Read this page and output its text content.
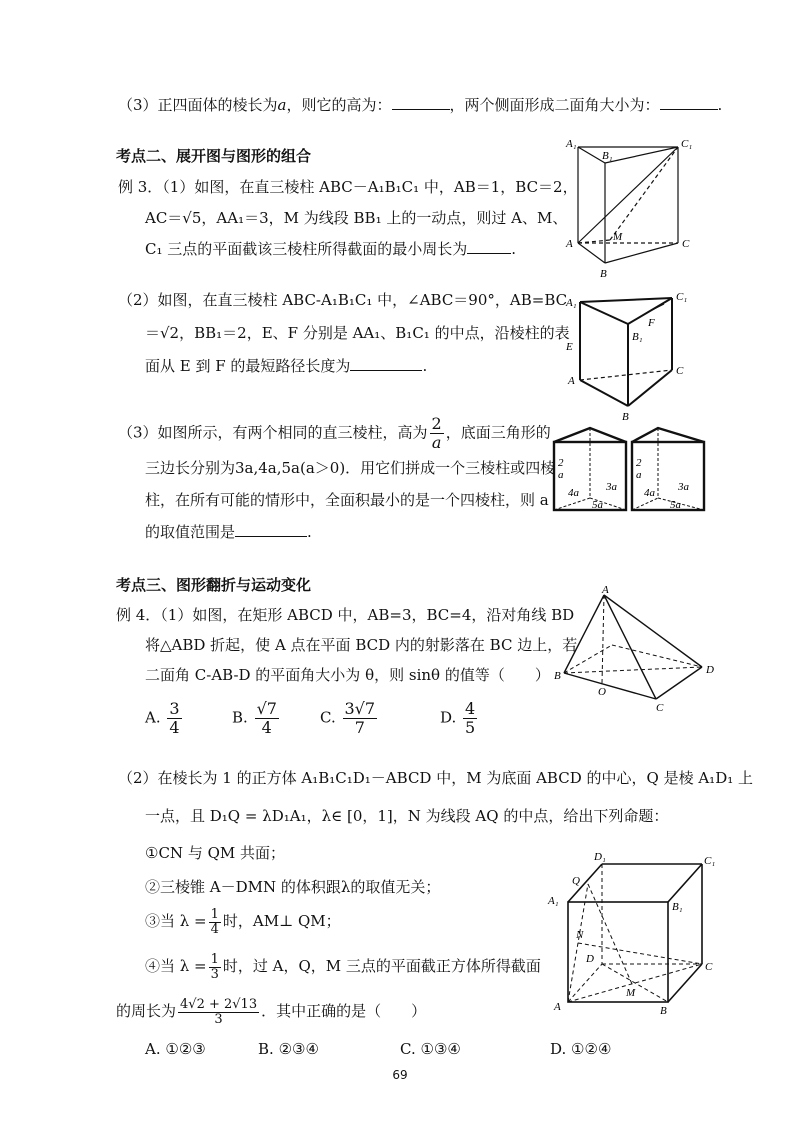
（3）正四面体的棱长为a，则它的高为：	，两个侧面形成二面角大小为：	.
考点二、展开图与图形的组合
例 3．（1）如图，在直三棱柱 ABC－A₁B₁C₁ 中，AB＝1，BC＝2，
AC＝√5，AA₁＝3，M 为线段 BB₁ 上的一动点，则过 A、M、
C₁ 三点的平面截该三棱柱所得截面的最小周长为	.
（2）如图，在直三棱柱 ABC-A₁B₁C₁ 中，∠ABC＝90°，AB=BC
＝√2，BB₁＝2，E、F 分别是 AA₁、B₁C₁ 的中点，沿棱柱的表
面从 E 到 F 的最短路径长度为	.
（3）如图所示，有两个相同的直三棱柱，高为 $\frac{2}{a}$ ，底面三角形的
三边长分别为3a,4a,5a(a＞0)．用它们拼成一个三棱柱或四棱
柱，在所有可能的情形中，全面积最小的是一个四棱柱，则 a
的取值范围是	.
考点三、图形翻折与运动变化
例 4．（1）如图，在矩形 ABCD 中，AB=3，BC=4，沿对角线 BD
将△ABD 折起，使 A 点在平面 BCD 内的射影落在 BC 边上，若
二面角 C-AB-D 的平面角大小为 θ，则 sinθ 的值等（　　）
A. $\frac{3}{4}$	B. $\frac{√7}{4}$	C. $\frac{3√7}{7}$	D. $\frac{4}{5}$
（2）在棱长为 1 的正方体 A₁B₁C₁D₁－ABCD 中，M 为底面 ABCD 的中心，Q 是棱 A₁D₁ 上
一点，且 D₁Q = λD₁A₁，λ∈ [0，1]，N 为线段 AQ 的中点，给出下列命题：
①CN 与 QM 共面；
②三棱锥 A－DMN 的体积跟λ的取值无关；
③当 $\lambda = \frac{1}{4}$ 时，AM⊥ QM；
④当 $\lambda = \frac{1}{3}$ 时，过 A，Q，M 三点的平面截正方体所得截面
的周长为 $\frac{4√2 + 2√13}{3}$ ．其中正确的是（　　）
A. ①②③	B. ②③④	C. ①③④	D. ①②④
69
A₁
B₁
C₁
A
M
C
B
A₁	C₁
F
B₁
E
A
C
B
2
a
4a 3a
5a
2
a
4a 3a
5a
A
B
O
C
D
D₁	C₁
Q
A₁	B₁
N
D
C
M
A	B
